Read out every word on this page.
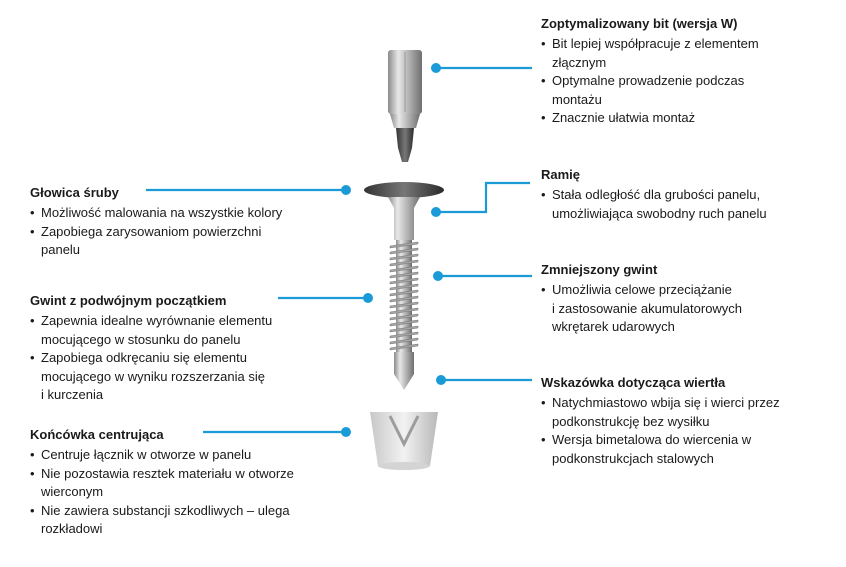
Zoptymalizowany bit (wersja W)
• Bit lepiej współpracuje z elementem
złącznym
• Optymalne prowadzenie podczas
montażu
• Znacznie ułatwia montaż
Ramię
• Stała odległość dla grubości panelu,
umożliwiająca swobodny ruch panelu
Zmniejszony gwint
• Umożliwia celowe przeciążanie
i zastosowanie akumulatorowych
wkrętarek udarowych
Wskazówka dotycząca wiertła
• Natychmiastowo wbija się i wierci przez
podkonstrukcję bez wysiłku
• Wersja bimetalowa do wiercenia w
podkonstrukcjach stalowych
Głowica śruby
• Możliwość malowania na wszystkie kolory
• Zapobiega zarysowaniom powierzchni
panelu
Gwint z podwójnym początkiem
• Zapewnia idealne wyrównanie elementu
mocującego w stosunku do panelu
• Zapobiega odkręcaniu się elementu
mocującego w wyniku rozszerzania się
i kurczenia
Końcówka centrująca
• Centruje łącznik w otworze w panelu
• Nie pozostawia resztek materiału w otworze
wierconym
• Nie zawiera substancji szkodliwych – ulega
rozkładowi
